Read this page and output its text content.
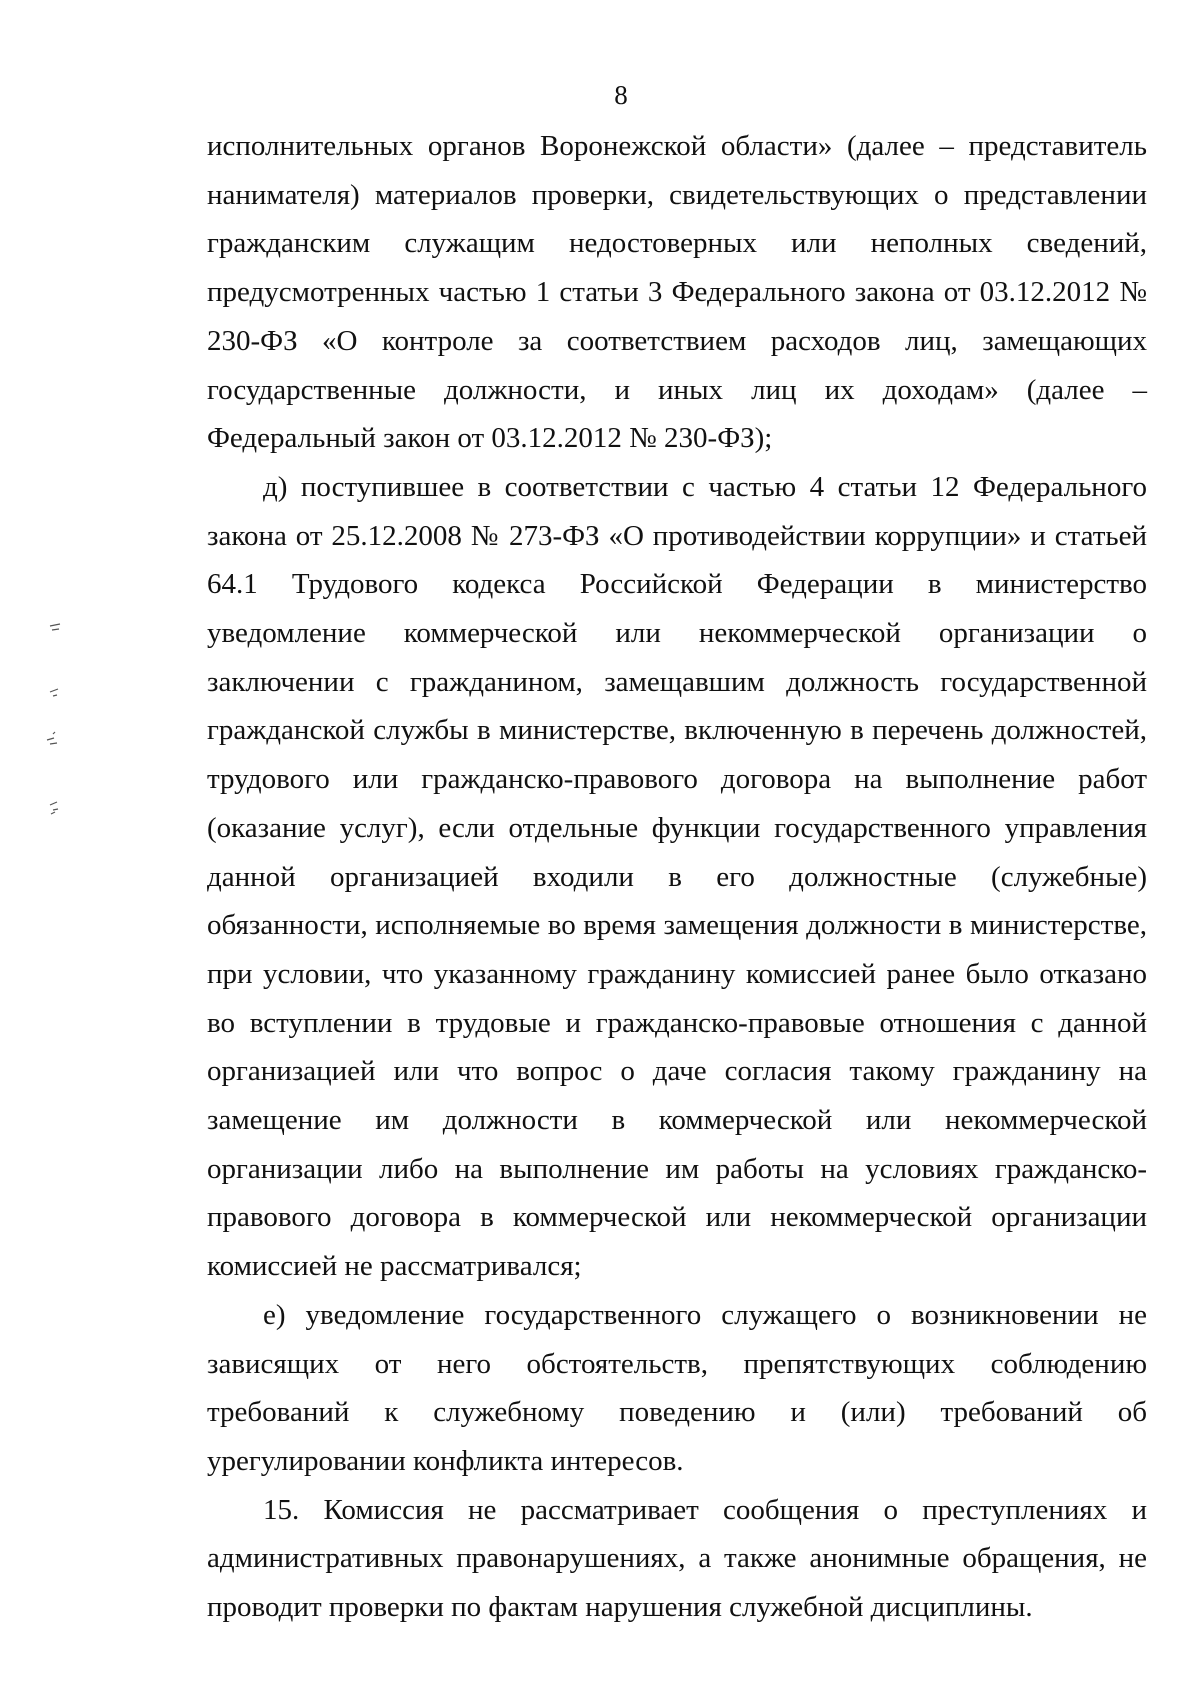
8

исполнительных органов Воронежской области» (далее – представитель нанимателя) материалов проверки, свидетельствующих о представлении гражданским служащим недостоверных или неполных сведений, предусмотренных частью 1 статьи 3 Федерального закона от 03.12.2012 № 230-ФЗ «О контроле за соответствием расходов лиц, замещающих государственные должности, и иных лиц их доходам» (далее – Федеральный закон от 03.12.2012 № 230-ФЗ);

д) поступившее в соответствии с частью 4 статьи 12 Федерального закона от 25.12.2008 № 273-ФЗ «О противодействии коррупции» и статьей 64.1 Трудового кодекса Российской Федерации в министерство уведомление коммерческой или некоммерческой организации о заключении с гражданином, замещавшим должность государственной гражданской службы в министерстве, включенную в перечень должностей, трудового или гражданско-правового договора на выполнение работ (оказание услуг), если отдельные функции государственного управления данной организацией входили в его должностные (служебные) обязанности, исполняемые во время замещения должности в министерстве, при условии, что указанному гражданину комиссией ранее было отказано во вступлении в трудовые и гражданско-правовые отношения с данной организацией или что вопрос о даче согласия такому гражданину на замещение им должности в коммерческой или некоммерческой организации либо на выполнение им работы на условиях гражданско-правового договора в коммерческой или некоммерческой организации комиссией не рассматривался;

е) уведомление государственного служащего о возникновении не зависящих от него обстоятельств, препятствующих соблюдению требований к служебному поведению и (или) требований об урегулировании конфликта интересов.

15. Комиссия не рассматривает сообщения о преступлениях и административных правонарушениях, а также анонимные обращения, не проводит проверки по фактам нарушения служебной дисциплины.
